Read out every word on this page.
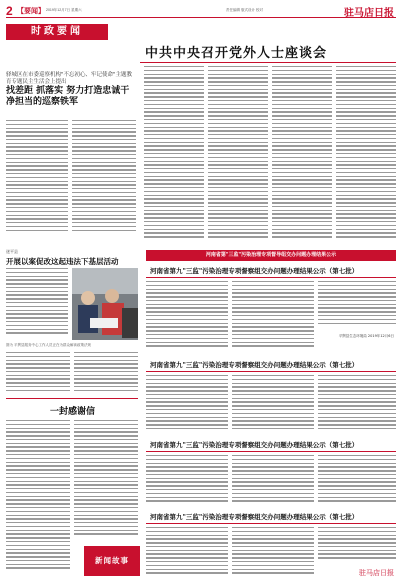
2 【要闻】 2019年12月7日 星期六	责任编辑 版式设计 校对	驻马店日报
时政要闻
驿城区在市委巡察机构"不忘初心、牢记使命"主题教育专题民主生活会上提出
找差距 抓落实 努力打造忠诚干净担当的巡察铁军
中共中央召开党外人士座谈会
遂平县
开展以案促改这起违法下基层活动
图为 平舆县服务中心工作人员正在为群众解读政策法规
一封感谢信
新闻故事
河南省第"三监"污染治理专项督导组交办问题办理结果公示
河南省第九"三监"污染治理专项督察组交办问题办理结果公示（第七批）
平舆县生态环境局 2019年12月6日
河南省第九"三监"污染治理专项督察组交办问题办理结果公示（第七批）
河南省第九"三监"污染治理专项督察组交办问题办理结果公示（第七批）
河南省第九"三监"污染治理专项督察组交办问题办理结果公示（第七批）
驻马店日报
